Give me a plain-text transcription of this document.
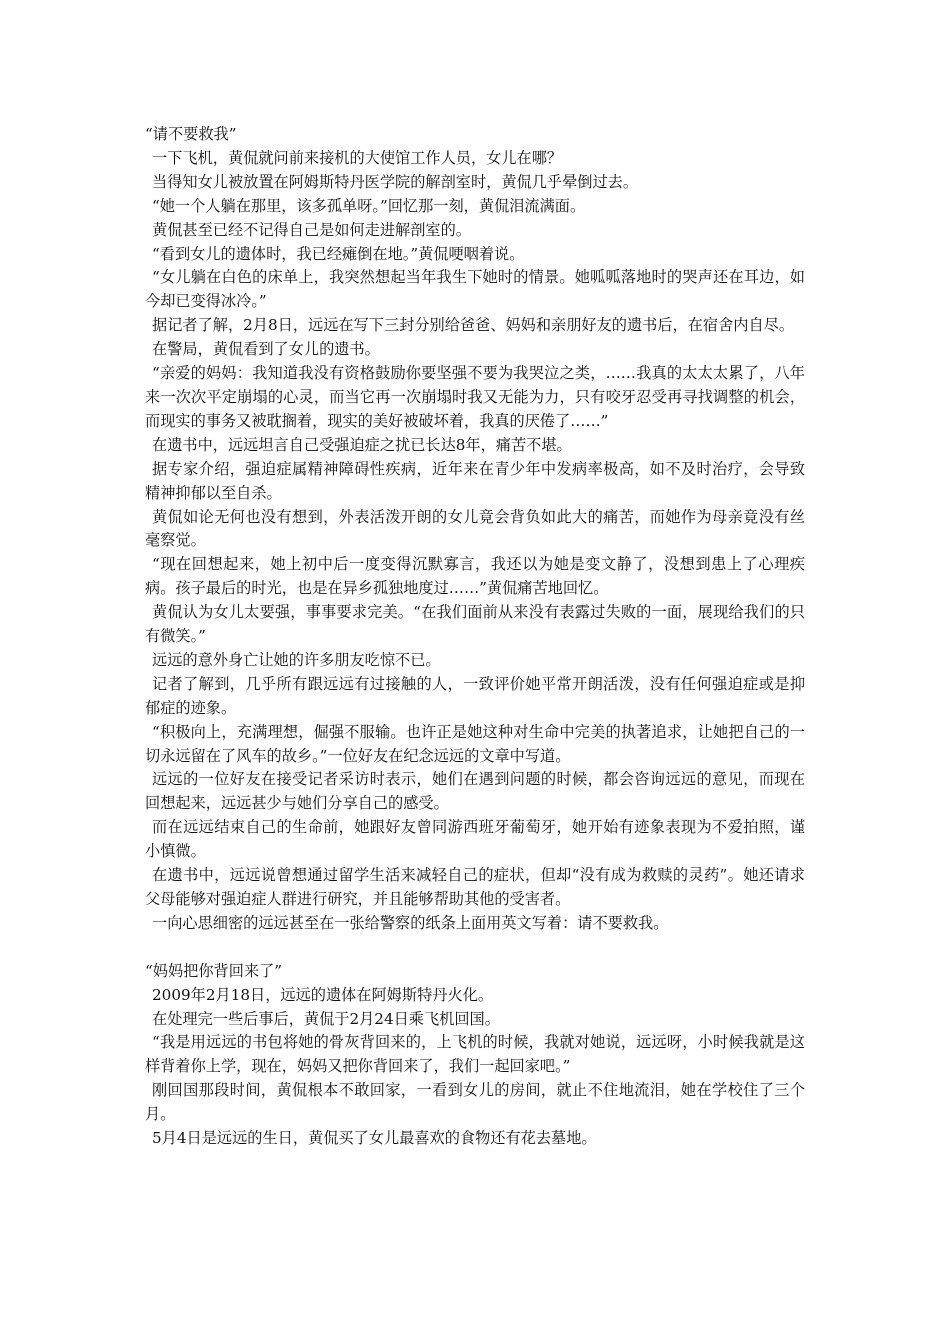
“请不要救我”

一下飞机，黄侃就问前来接机的大使馆工作人员，女儿在哪？

当得知女儿被放置在阿姆斯特丹医学院的解剖室时，黄侃几乎晕倒过去。

“她一个人躺在那里，该多孤单呀。”回忆那一刻，黄侃泪流满面。

黄侃甚至已经不记得自己是如何走进解剖室的。

“看到女儿的遗体时，我已经瘫倒在地。”黄侃哽咽着说。

“女儿躺在白色的床单上，我突然想起当年我生下她时的情景。她呱呱落地时的哭声还在耳边，如今却已变得冰冷。”

据记者了解，2月8日，远远在写下三封分别给爸爸、妈妈和亲朋好友的遗书后，在宿舍内自尽。

在警局，黄侃看到了女儿的遗书。

“亲爱的妈妈：我知道我没有资格鼓励你要坚强不要为我哭泣之类，……我真的太太太累了，八年来一次次平定崩塌的心灵，而当它再一次崩塌时我又无能为力，只有咬牙忍受再寻找调整的机会，而现实的事务又被耽搁着，现实的美好被破坏着，我真的厌倦了……”

在遗书中，远远坦言自己受强迫症之扰已长达8年，痛苦不堪。

据专家介绍，强迫症属精神障碍性疾病，近年来在青少年中发病率极高，如不及时治疗，会导致精神抑郁以至自杀。

黄侃如论无何也没有想到，外表活泼开朗的女儿竟会背负如此大的痛苦，而她作为母亲竟没有丝毫察觉。

“现在回想起来，她上初中后一度变得沉默寡言，我还以为她是变文静了，没想到患上了心理疾病。孩子最后的时光，也是在异乡孤独地度过……”黄侃痛苦地回忆。

黄侃认为女儿太要强，事事要求完美。“在我们面前从来没有表露过失败的一面，展现给我们的只有微笑。”

远远的意外身亡让她的许多朋友吃惊不已。

记者了解到，几乎所有跟远远有过接触的人，一致评价她平常开朗活泼，没有任何强迫症或是抑郁症的迹象。

“积极向上，充满理想，倔强不服输。也许正是她这种对生命中完美的执著追求，让她把自己的一切永远留在了风车的故乡。”一位好友在纪念远远的文章中写道。

远远的一位好友在接受记者采访时表示，她们在遇到问题的时候，都会咨询远远的意见，而现在回想起来，远远甚少与她们分享自己的感受。

而在远远结束自己的生命前，她跟好友曾同游西班牙葡萄牙，她开始有迹象表现为不爱拍照，谨小慎微。

在遗书中，远远说曾想通过留学生活来减轻自己的症状，但却“没有成为救赎的灵药”。她还请求父母能够对强迫症人群进行研究，并且能够帮助其他的受害者。

一向心思细密的远远甚至在一张给警察的纸条上面用英文写着：请不要救我。

“妈妈把你背回来了”

2009年2月18日，远远的遗体在阿姆斯特丹火化。

在处理完一些后事后，黄侃于2月24日乘飞机回国。

“我是用远远的书包将她的骨灰背回来的，上飞机的时候，我就对她说，远远呀，小时候我就是这样背着你上学，现在，妈妈又把你背回来了，我们一起回家吧。”

刚回国那段时间，黄侃根本不敢回家，一看到女儿的房间，就止不住地流泪，她在学校住了三个月。

5月4日是远远的生日，黄侃买了女儿最喜欢的食物还有花去墓地。
